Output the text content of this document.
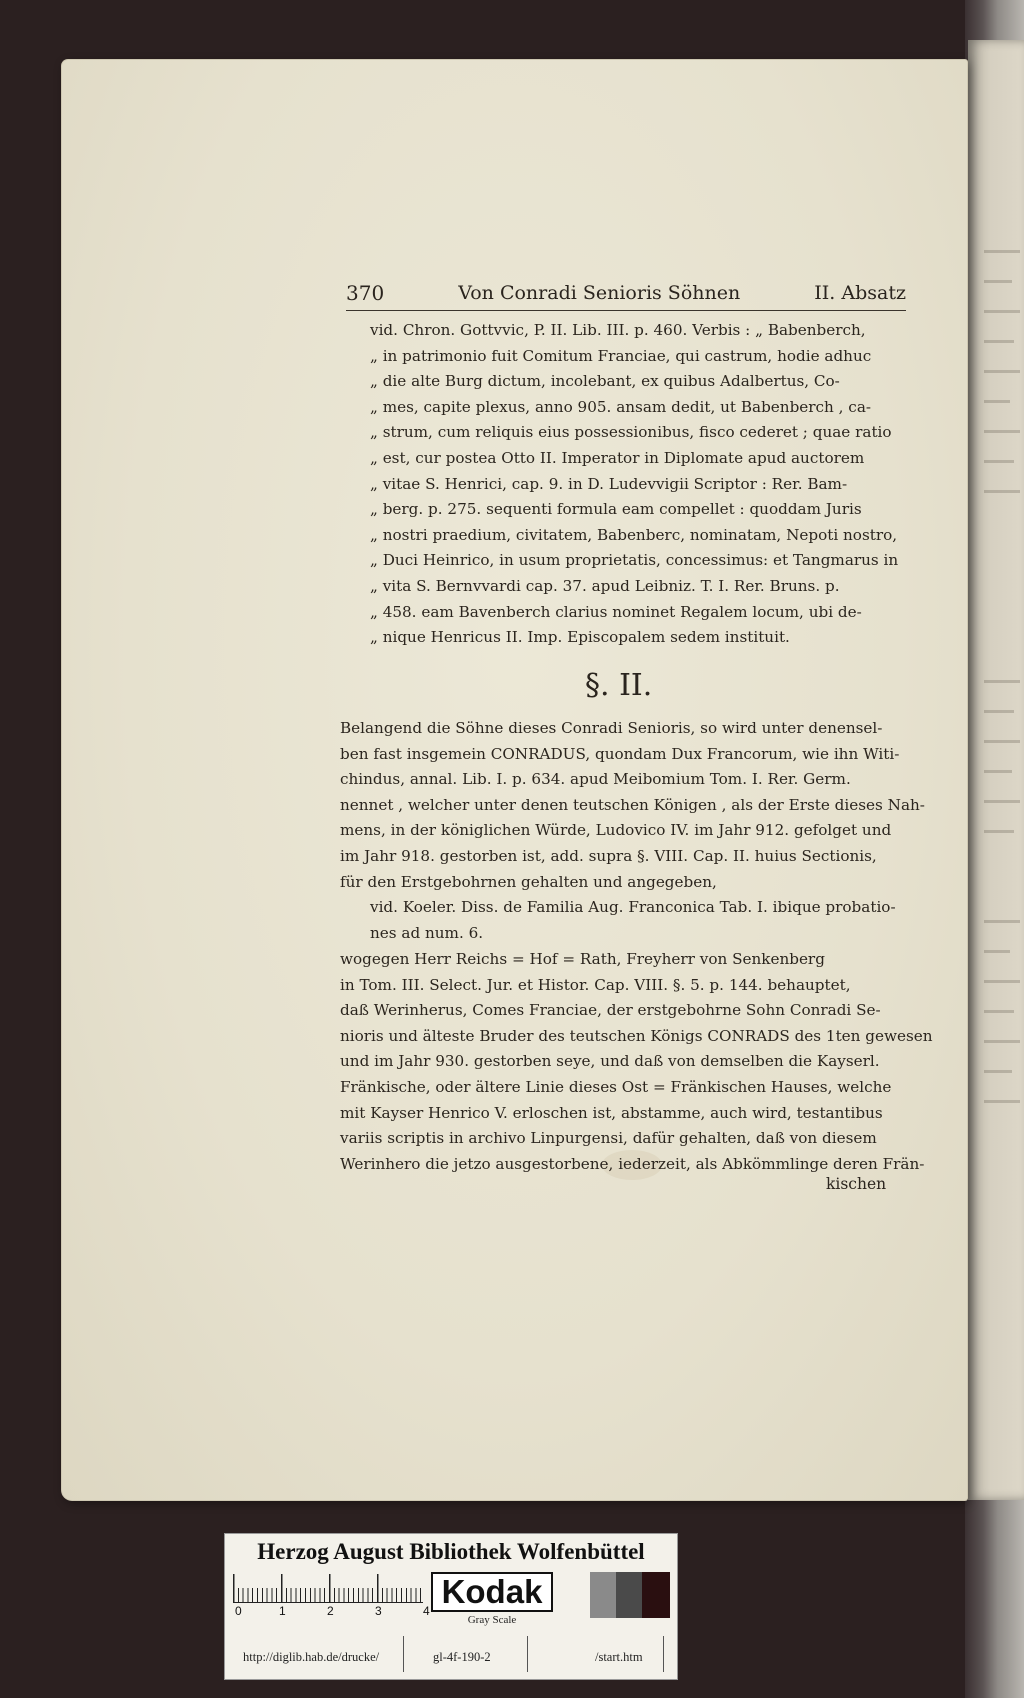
370	Von Conradi Senioris Söhnen	II. Absatz
vid. Chron. Gottvvic, P. II. Lib. III. p. 460. Verbis : „ Babenberch,
„ in patrimonio fuit Comitum Franciae, qui castrum, hodie adhuc
„ die alte Burg dictum, incolebant, ex quibus Adalbertus, Co-
„ mes, capite plexus, anno 905. ansam dedit, ut Babenberch , ca-
„ strum, cum reliquis eius possessionibus, fisco cederet ; quae ratio
„ est, cur postea Otto II. Imperator in Diplomate apud auctorem
„ vitae S. Henrici, cap. 9. in D. Ludevvigii Scriptor : Rer. Bam-
„ berg. p. 275. sequenti formula eam compellet : quoddam Juris
„ nostri praedium, civitatem, Babenberc, nominatam, Nepoti nostro,
„ Duci Heinrico, in usum proprietatis, concessimus: et Tangmarus in
„ vita S. Bernvvardi cap. 37. apud Leibniz. T. I. Rer. Bruns. p.
„ 458. eam Bavenberch clarius nominet Regalem locum, ubi de-
„ nique Henricus II. Imp. Episcopalem sedem instituit.
§. II.
Belangend die Söhne dieses Conradi Senioris, so wird unter denensel-
ben fast insgemein CONRADUS, quondam Dux Francorum, wie ihn Witi-
chindus, annal. Lib. I. p. 634. apud Meibomium Tom. I. Rer. Germ.
nennet , welcher unter denen teutschen Königen , als der Erste dieses Nah-
mens, in der königlichen Würde, Ludovico IV. im Jahr 912. gefolget und
im Jahr 918. gestorben ist, add. supra §. VIII. Cap. II. huius Sectionis,
für den Erstgebohrnen gehalten und angegeben,
vid. Koeler. Diss. de Familia Aug. Franconica Tab. I. ibique probatio-
nes ad num. 6.
wogegen Herr Reichs = Hof = Rath, Freyherr von Senkenberg
in Tom. III. Select. Jur. et Histor. Cap. VIII. §. 5. p. 144. behauptet,
daß Werinherus, Comes Franciae, der erstgebohrne Sohn Conradi Se-
nioris und älteste Bruder des teutschen Königs CONRADS des 1ten gewesen
und im Jahr 930. gestorben seye, und daß von demselben die Kayserl.
Fränkische, oder ältere Linie dieses Ost = Fränkischen Hauses, welche
mit Kayser Henrico V. erloschen ist, abstamme, auch wird, testantibus
variis scriptis in archivo Linpurgensi, dafür gehalten, daß von diesem
Werinhero die jetzo ausgestorbene, iederzeit, als Abkömmlinge deren Frän-
kischen
Herzog August Bibliothek Wolfenbüttel
0	1	2	3	4
Kodak
Gray Scale
http://diglib.hab.de/drucke/	gl-4f-190-2	/start.htm
